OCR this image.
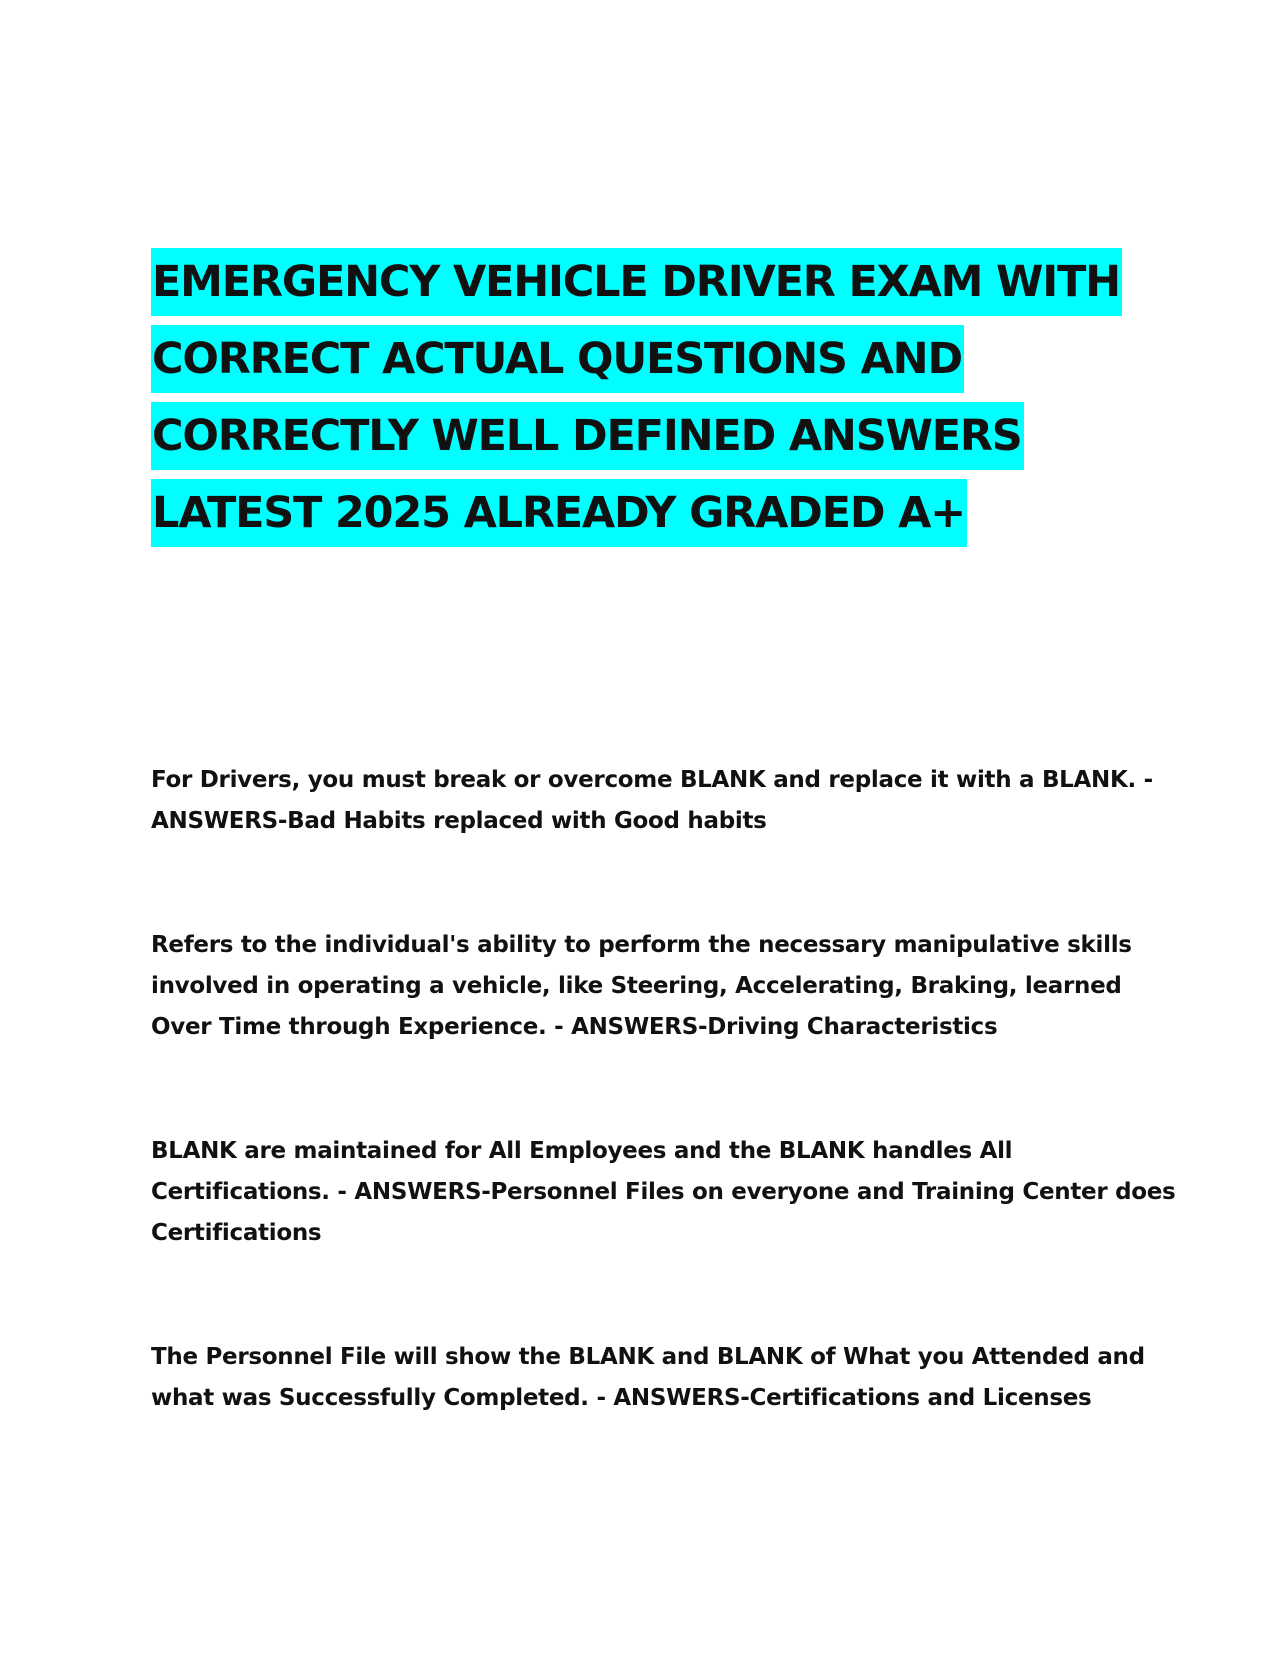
EMERGENCY VEHICLE DRIVER EXAM WITH
CORRECT ACTUAL QUESTIONS AND
CORRECTLY WELL DEFINED ANSWERS
LATEST 2025 ALREADY GRADED A+
For Drivers, you must break or overcome BLANK and replace it with a BLANK. -
ANSWERS-Bad Habits replaced with Good habits
Refers to the individual's ability to perform the necessary manipulative skills
involved in operating a vehicle, like Steering, Accelerating, Braking, learned
Over Time through Experience. - ANSWERS-Driving Characteristics
BLANK are maintained for All Employees and the BLANK handles All
Certifications. - ANSWERS-Personnel Files on everyone and Training Center does
Certifications
The Personnel File will show the BLANK and BLANK of What you Attended and
what was Successfully Completed. - ANSWERS-Certifications and Licenses
